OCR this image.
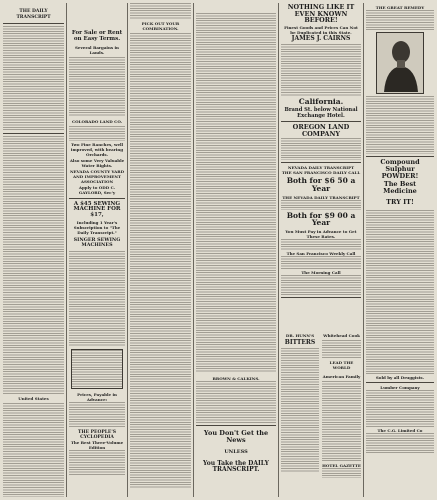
THE DAILY TRANSCRIPT
United States
For Sale or Rent on Easy Terms.
Several Bargains in Lands.
COLORADO LAND CO.
Two Fine Ranches, well improved, with bearing Orchards.
Also some Very Valuable Water Rights.
NEVADA COUNTY YARD AND IMPROVEMENT ASSOCIATION
Apply to ODD C. GAYLORD, Sec'y
A $45 SEWING MACHINE FOR $17,
Including 1 Year's Subscription to "The Daily Transcript."
SINGER SEWING MACHINES
Prices, Payable in Advance:
THE PEOPLE'S CYCLOPEDIA
The Best Three-Volume Edition
PICK OUT YOUR COMBINATION.
BROWN & CALKINS.
You Don't Get the News
UNLESS
You Take the DAILY TRANSCRIPT.
NOTHING LIKE IT EVEN KNOWN BEFORE!
Finest Goods and Prices Can Not be Duplicated in this State.
JAMES J. CAIRNS
California.
Brand St. below National Exchange Hotel.
OREGON LAND COMPANY
NEVADA DAILY TRANSCRIPT
THE SAN FRANCISCO DAILY CALL
Both for $6 50 a Year
THE NEVADA DAILY TRANSCRIPT
Both for $9 00 a Year
You Must Pay in Advance to Get These Rates.
The San Francisco Weekly Call
The Morning Call
DR. HUNN'S
BITTERS
Whitehead Cook
LEAD THE WORLD
American Family
HOTEL GAZETTE
THE GREAT REMEDY
Compound Sulphur POWDER!
The Best Medicine
TRY IT!
Sold by all Druggists.
Lumber Company
The C.G. Limited Co
